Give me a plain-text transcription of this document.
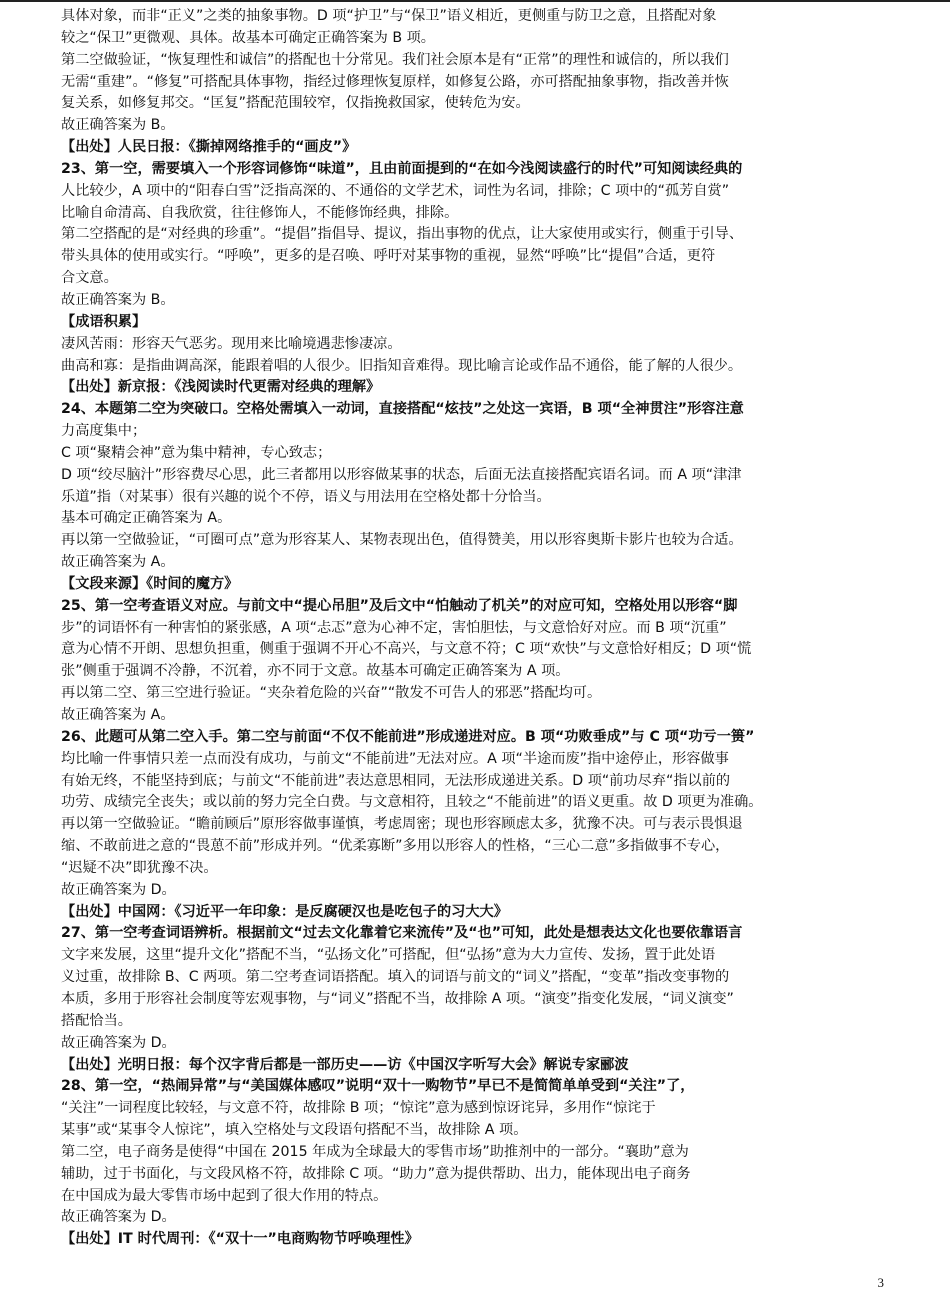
具体对象，而非“正义”之类的抽象事物。D 项“护卫”与“保卫”语义相近，更侧重与防卫之意，且搭配对象
较之“保卫”更微观、具体。故基本可确定正确答案为 B 项。
第二空做验证，“恢复理性和诚信”的搭配也十分常见。我们社会原本是有“正常”的理性和诚信的，所以我们
无需“重建”。“修复”可搭配具体事物，指经过修理恢复原样，如修复公路，亦可搭配抽象事物，指改善并恢
复关系，如修复邦交。“匡复”搭配范围较窄，仅指挽救国家，使转危为安。
故正确答案为 B。
【出处】人民日报：《撕掉网络推手的“画皮”》
23、第一空，需要填入一个形容词修饰“味道”，且由前面提到的“在如今浅阅读盛行的时代”可知阅读经典的
人比较少，A 项中的“阳春白雪”泛指高深的、不通俗的文学艺术，词性为名词，排除；C 项中的“孤芳自赏”
比喻自命清高、自我欣赏，往往修饰人，不能修饰经典，排除。
第二空搭配的是“对经典的珍重”。“提倡”指倡导、提议，指出事物的优点，让大家使用或实行，侧重于引导、
带头具体的使用或实行。“呼唤”，更多的是召唤、呼吁对某事物的重视，显然“呼唤”比“提倡”合适，更符
合文意。
故正确答案为 B。
【成语积累】
凄风苦雨：形容天气恶劣。现用来比喻境遇悲惨凄凉。
曲高和寡：是指曲调高深，能跟着唱的人很少。旧指知音难得。现比喻言论或作品不通俗，能了解的人很少。
【出处】新京报：《浅阅读时代更需对经典的理解》
24、本题第二空为突破口。空格处需填入一动词，直接搭配“炫技”之处这一宾语，B 项“全神贯注”形容注意
力高度集中；
C 项“聚精会神”意为集中精神，专心致志；
D 项“绞尽脑汁”形容费尽心思，此三者都用以形容做某事的状态，后面无法直接搭配宾语名词。而 A 项“津津
乐道”指（对某事）很有兴趣的说个不停，语义与用法用在空格处都十分恰当。
基本可确定正确答案为 A。
再以第一空做验证，“可圈可点”意为形容某人、某物表现出色，值得赞美，用以形容奥斯卡影片也较为合适。
故正确答案为 A。
【文段来源】《时间的魔方》
25、第一空考查语义对应。与前文中“提心吊胆”及后文中“怕触动了机关”的对应可知，空格处用以形容“脚
步”的词语怀有一种害怕的紧张感，A 项“忐忑”意为心神不定，害怕胆怯，与文意恰好对应。而 B 项“沉重”
意为心情不开朗、思想负担重，侧重于强调不开心不高兴，与文意不符；C 项“欢快”与文意恰好相反；D 项“慌
张”侧重于强调不冷静，不沉着，亦不同于文意。故基本可确定正确答案为 A 项。
再以第二空、第三空进行验证。“夹杂着危险的兴奋”“散发不可告人的邪恶”搭配均可。
故正确答案为 A。
26、此题可从第二空入手。第二空与前面“不仅不能前进”形成递进对应。B 项“功败垂成”与 C 项“功亏一篑”
均比喻一件事情只差一点而没有成功，与前文“不能前进”无法对应。A 项“半途而废”指中途停止，形容做事
有始无终，不能坚持到底；与前文“不能前进”表达意思相同，无法形成递进关系。D 项“前功尽弃“指以前的
功劳、成绩完全丧失；或以前的努力完全白费。与文意相符，且较之“不能前进”的语义更重。故 D 项更为准确。
再以第一空做验证。“瞻前顾后”原形容做事谨慎，考虑周密；现也形容顾虑太多，犹豫不决。可与表示畏惧退
缩、不敢前进之意的“畏葸不前”形成并列。“优柔寡断”多用以形容人的性格，“三心二意”多指做事不专心，
“迟疑不决”即犹豫不决。
故正确答案为 D。
【出处】中国网：《习近平一年印象：是反腐硬汉也是吃包子的习大大》
27、第一空考查词语辨析。根据前文“过去文化靠着它来流传”及“也”可知，此处是想表达文化也要依靠语言
文字来发展，这里“提升文化”搭配不当，“弘扬文化”可搭配，但“弘扬”意为大力宣传、发扬，置于此处语
义过重，故排除 B、C 两项。第二空考查词语搭配。填入的词语与前文的“词义”搭配，“变革”指改变事物的
本质，多用于形容社会制度等宏观事物，与“词义”搭配不当，故排除 A 项。“演变”指变化发展，“词义演变”
搭配恰当。
故正确答案为 D。
【出处】光明日报：每个汉字背后都是一部历史——访《中国汉字听写大会》解说专家郦波
28、第一空，“热闹异常”与“美国媒体感叹”说明“双十一购物节”早已不是简简单单受到“关注”了，
“关注”一词程度比较轻，与文意不符，故排除 B 项；“惊诧”意为感到惊讶诧异，多用作“惊诧于
某事”或“某事令人惊诧”，填入空格处与文段语句搭配不当，故排除 A 项。
第二空，电子商务是使得“中国在 2015 年成为全球最大的零售市场”助推剂中的一部分。“襄助”意为
辅助，过于书面化，与文段风格不符，故排除 C 项。“助力”意为提供帮助、出力，能体现出电子商务
在中国成为最大零售市场中起到了很大作用的特点。
故正确答案为 D。
【出处】IT 时代周刊：《“双十一”电商购物节呼唤理性》
3
